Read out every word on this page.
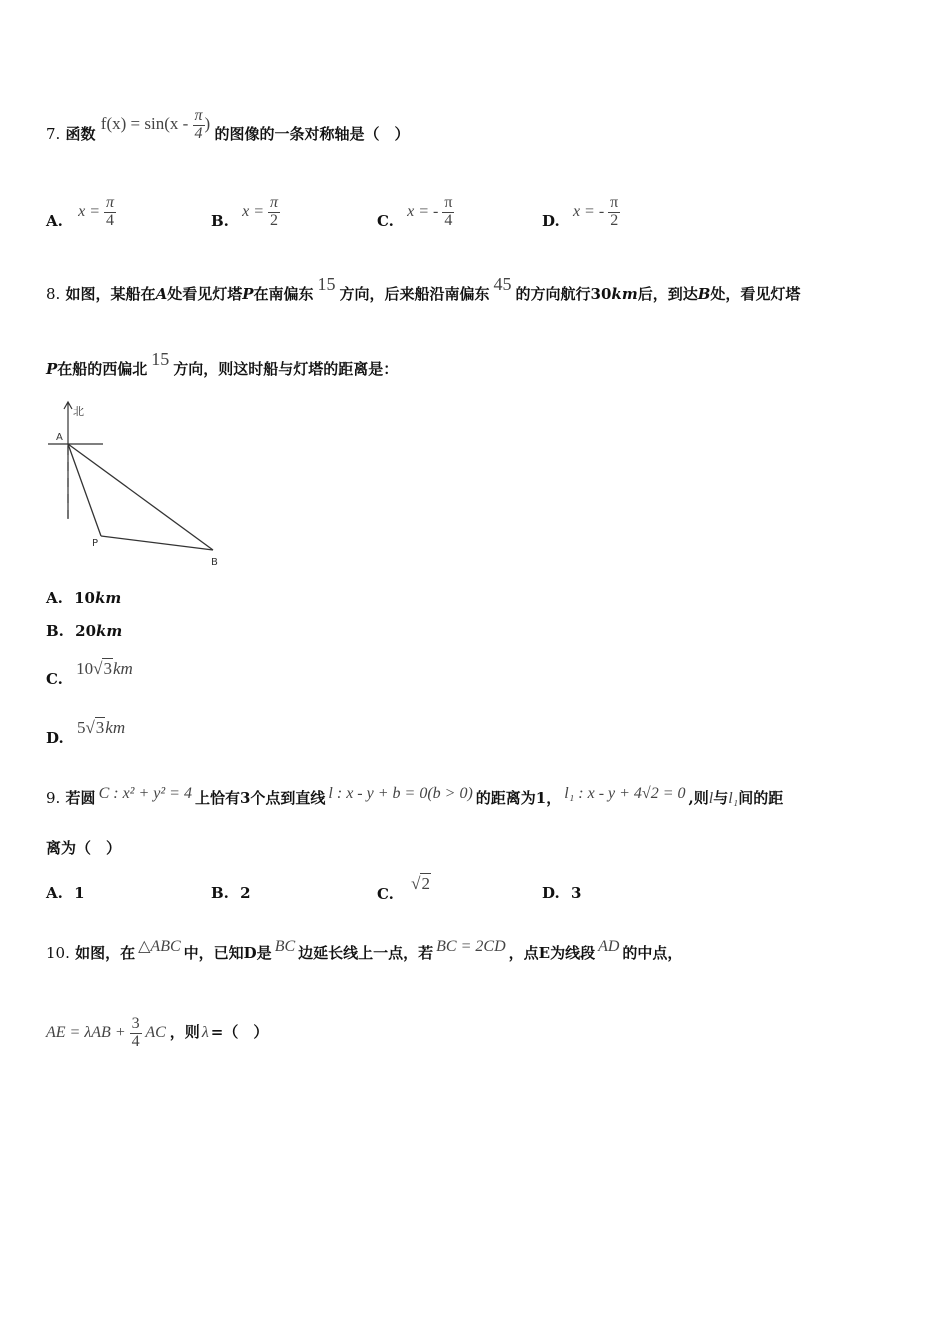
7. 函数 $f(x) = \sin(x - \frac{\pi}{4}$ ) 的图像的一条对称轴是（　）
A. $x = \frac{\pi}{4}$	B. $x = \frac{\pi}{2}$	C. x = - $\frac{\pi}{4}$	D. x = - $\frac{\pi}{2}$
8. 如图，某船在A处看见灯塔P在南偏东 15 方向，后来船沿南偏东 45 的方向航行30km后，到达B处，看见灯塔
P在船的西偏北 15 方向，则这时船与灯塔的距离是：
北
A
P
B
A. 10km
B. 20km
C. 10√3km
D. 5√3km
9. 若圆 C : x² + y² = 4 上恰有3个点到直线 l : x - y + b = 0(b > 0) 的距离为1， l₁ : x - y + 4√2 = 0 ,则l与l₁间的距
离为（　）
A. 1	B. 2	C. √2	D. 3
10. 如图，在 △ABC 中，已知D是 BC 边延长线上一点，若 BC = 2CD ，点E为线段 AD 的中点，
AE = $\lambda AB + \frac{3}{4}$ AC ，则 λ =（　）
